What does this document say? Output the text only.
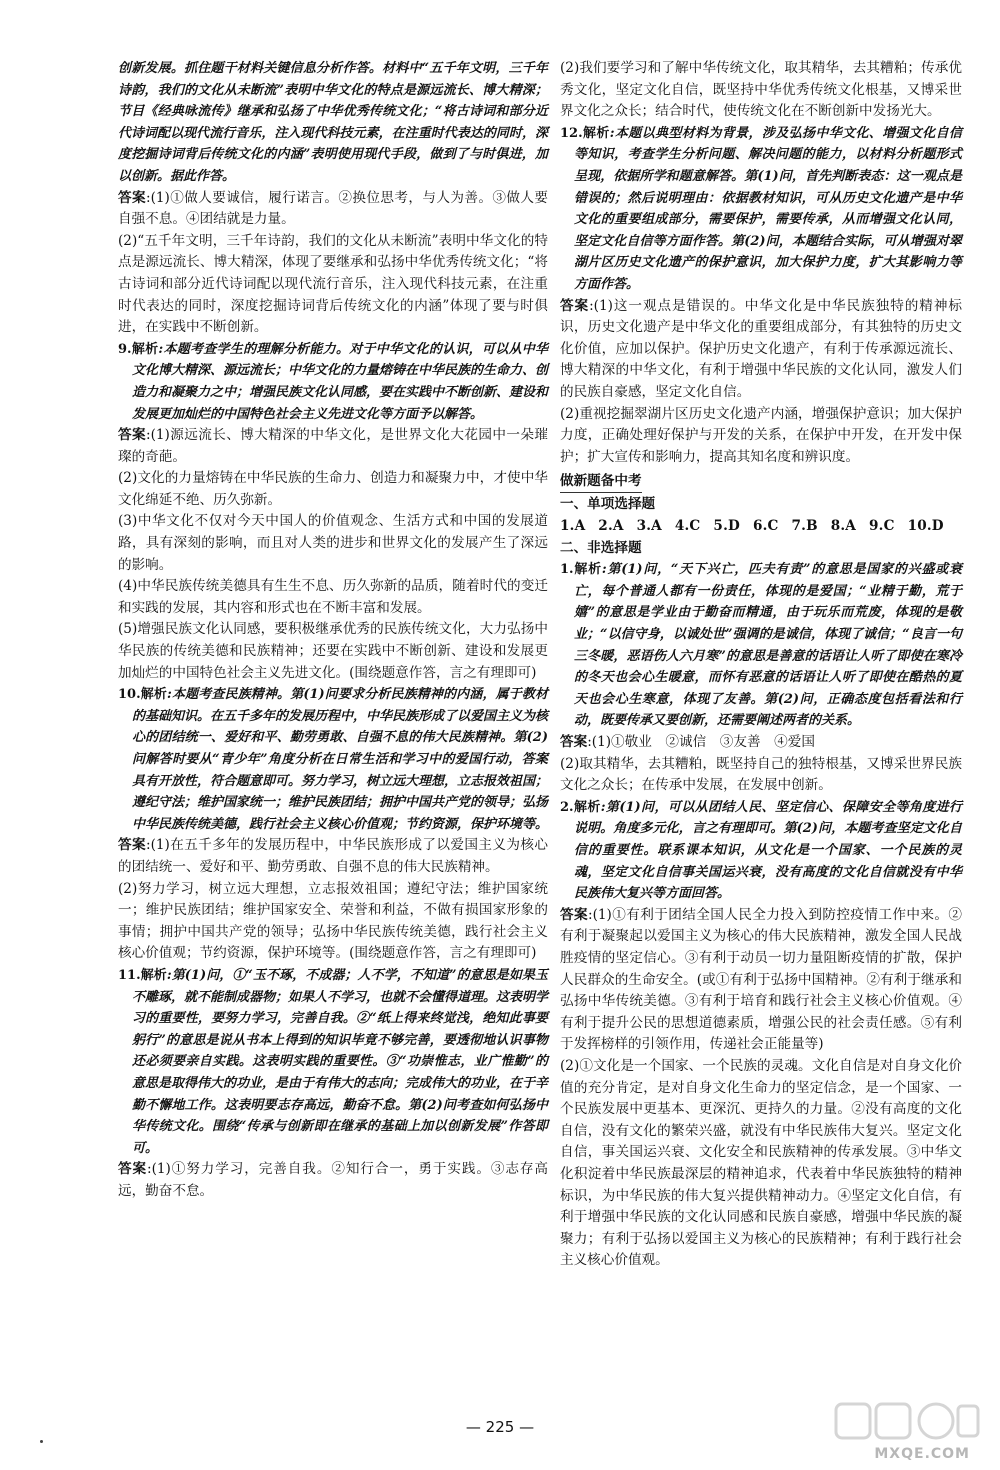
创新发展。抓住题干材料关键信息分析作答。材料中“五千年文明，三千年诗韵，我们的文化从未断流”表明中华文化的特点是源远流长、博大精深；节目《经典咏流传》继承和弘扬了中华优秀传统文化；“将古诗词和部分近代诗词配以现代流行音乐，注入现代科技元素，在注重时代表达的同时，深度挖掘诗词背后传统文化的内涵”表明使用现代手段，做到了与时俱进，加以创新。据此作答。

答案:(1)①做人要诚信，履行诺言。②换位思考，与人为善。③做人要自强不息。④团结就是力量。

(2)“五千年文明，三千年诗韵，我们的文化从未断流”表明中华文化的特点是源远流长、博大精深，体现了要继承和弘扬中华优秀传统文化；“将古诗词和部分近代诗词配以现代流行音乐，注入现代科技元素，在注重时代表达的同时，深度挖掘诗词背后传统文化的内涵”体现了要与时俱进，在实践中不断创新。

9.解析:本题考查学生的理解分析能力。对于中华文化的认识，可以从中华文化博大精深、源远流长；中华文化的力量熔铸在中华民族的生命力、创造力和凝聚力之中；增强民族文化认同感，要在实践中不断创新、建设和发展更加灿烂的中国特色社会主义先进文化等方面予以解答。

答案:(1)源远流长、博大精深的中华文化，是世界文化大花园中一朵璀璨的奇葩。

(2)文化的力量熔铸在中华民族的生命力、创造力和凝聚力中，才使中华文化绵延不绝、历久弥新。

(3)中华文化不仅对今天中国人的价值观念、生活方式和中国的发展道路，具有深刻的影响，而且对人类的进步和世界文化的发展产生了深远的影响。

(4)中华民族传统美德具有生生不息、历久弥新的品质，随着时代的变迁和实践的发展，其内容和形式也在不断丰富和发展。

(5)增强民族文化认同感，要积极继承优秀的民族传统文化，大力弘扬中华民族的传统美德和民族精神；还要在实践中不断创新、建设和发展更加灿烂的中国特色社会主义先进文化。(围绕题意作答，言之有理即可)

10.解析:本题考查民族精神。第(1)问要求分析民族精神的内涵，属于教材的基础知识。在五千多年的发展历程中，中华民族形成了以爱国主义为核心的团结统一、爱好和平、勤劳勇敢、自强不息的伟大民族精神。第(2)问解答时要从“青少年”角度分析在日常生活和学习中的爱国行动，答案具有开放性，符合题意即可。努力学习，树立远大理想，立志报效祖国；遵纪守法；维护国家统一；维护民族团结；拥护中国共产党的领导；弘扬中华民族传统美德，践行社会主义核心价值观；节约资源，保护环境等。

答案:(1)在五千多年的发展历程中，中华民族形成了以爱国主义为核心的团结统一、爱好和平、勤劳勇敢、自强不息的伟大民族精神。

(2)努力学习，树立远大理想，立志报效祖国；遵纪守法；维护国家统一；维护民族团结；维护国家安全、荣誉和利益，不做有损国家形象的事情；拥护中国共产党的领导；弘扬中华民族传统美德，践行社会主义核心价值观；节约资源，保护环境等。(围绕题意作答，言之有理即可)

11.解析:第(1)问，①“玉不琢，不成器；人不学，不知道”的意思是如果玉不雕琢，就不能制成器物；如果人不学习，也就不会懂得道理。这表明学习的重要性，要努力学习，完善自我。②“纸上得来终觉浅，绝知此事要躬行”的意思是说从书本上得到的知识毕竟不够完善，要透彻地认识事物还必须要亲自实践。这表明实践的重要性。③“功崇惟志，业广惟勤”的意思是取得伟大的功业，是由于有伟大的志向；完成伟大的功业，在于辛勤不懈地工作。这表明要志存高远，勤奋不怠。第(2)问考查如何弘扬中华传统文化。围绕“传承与创新即在继承的基础上加以创新发展”作答即可。

答案:(1)①努力学习，完善自我。②知行合一，勇于实践。③志存高远，勤奋不怠。

(2)我们要学习和了解中华传统文化，取其精华，去其糟粕；传承优秀文化，坚定文化自信，既坚持中华优秀传统文化根基，又博采世界文化之众长；结合时代，使传统文化在不断创新中发扬光大。

12.解析:本题以典型材料为背景，涉及弘扬中华文化、增强文化自信等知识，考查学生分析问题、解决问题的能力，以材料分析题形式呈现，依据所学和题意解答。第(1)问，首先判断表态：这一观点是错误的；然后说明理由：依据教材知识，可从历史文化遗产是中华文化的重要组成部分，需要保护，需要传承，从而增强文化认同，坚定文化自信等方面作答。第(2)问，本题结合实际，可从增强对翠湖片区历史文化遗产的保护意识，加大保护力度，扩大其影响力等方面作答。

答案:(1)这一观点是错误的。中华文化是中华民族独特的精神标识，历史文化遗产是中华文化的重要组成部分，有其独特的历史文化价值，应加以保护。保护历史文化遗产，有利于传承源远流长、博大精深的中华文化，有利于增强中华民族的文化认同，激发人们的民族自豪感，坚定文化自信。

(2)重视挖掘翠湖片区历史文化遗产内涵，增强保护意识；加大保护力度，正确处理好保护与开发的关系，在保护中开发，在开发中保护；扩大宣传和影响力，提高其知名度和辨识度。

做新题备中考
一、单项选择题
1.A 2.A 3.A 4.C 5.D 6.C 7.B 8.A 9.C 10.D
二、非选择题

1.解析:第(1)问，“天下兴亡，匹夫有责”的意思是国家的兴盛或衰亡，每个普通人都有一份责任，体现的是爱国；“业精于勤，荒于嬉”的意思是学业由于勤奋而精通，由于玩乐而荒废，体现的是敬业；“以信守身，以诚处世”强调的是诚信，体现了诚信；“良言一句三冬暖，恶语伤人六月寒”的意思是善意的话语让人听了即使在寒冷的冬天也会心生暖意，而怀有恶意的话语让人听了即使在酷热的夏天也会心生寒意，体现了友善。第(2)问，正确态度包括看法和行动，既要传承又要创新，还需要阐述两者的关系。

答案:(1)①敬业　②诚信　③友善　④爱国

(2)取其精华，去其糟粕，既坚持自己的独特根基，又博采世界民族文化之众长；在传承中发展，在发展中创新。

2.解析:第(1)问，可以从团结人民、坚定信心、保障安全等角度进行说明。角度多元化，言之有理即可。第(2)问，本题考查坚定文化自信的重要性。联系课本知识，从文化是一个国家、一个民族的灵魂，坚定文化自信事关国运兴衰，没有高度的文化自信就没有中华民族伟大复兴等方面回答。

答案:(1)①有利于团结全国人民全力投入到防控疫情工作中来。②有利于凝聚起以爱国主义为核心的伟大民族精神，激发全国人民战胜疫情的坚定信心。③有利于动员一切力量阻断疫情的扩散，保护人民群众的生命安全。(或①有利于弘扬中国精神。②有利于继承和弘扬中华传统美德。③有利于培育和践行社会主义核心价值观。④有利于提升公民的思想道德素质，增强公民的社会责任感。⑤有利于发挥榜样的引领作用，传递社会正能量等)

(2)①文化是一个国家、一个民族的灵魂。文化自信是对自身文化价值的充分肯定，是对自身文化生命力的坚定信念，是一个国家、一个民族发展中更基本、更深沉、更持久的力量。②没有高度的文化自信，没有文化的繁荣兴盛，就没有中华民族伟大复兴。坚定文化自信，事关国运兴衰、文化安全和民族精神的传承发展。③中华文化积淀着中华民族最深层的精神追求，代表着中华民族独特的精神标识，为中华民族的伟大复兴提供精神动力。④坚定文化自信，有利于增强中华民族的文化认同感和民族自豪感，增强中华民族的凝聚力；有利于弘扬以爱国主义为核心的民族精神；有利于践行社会主义核心价值观。

— 225 —
MXQE.COM
